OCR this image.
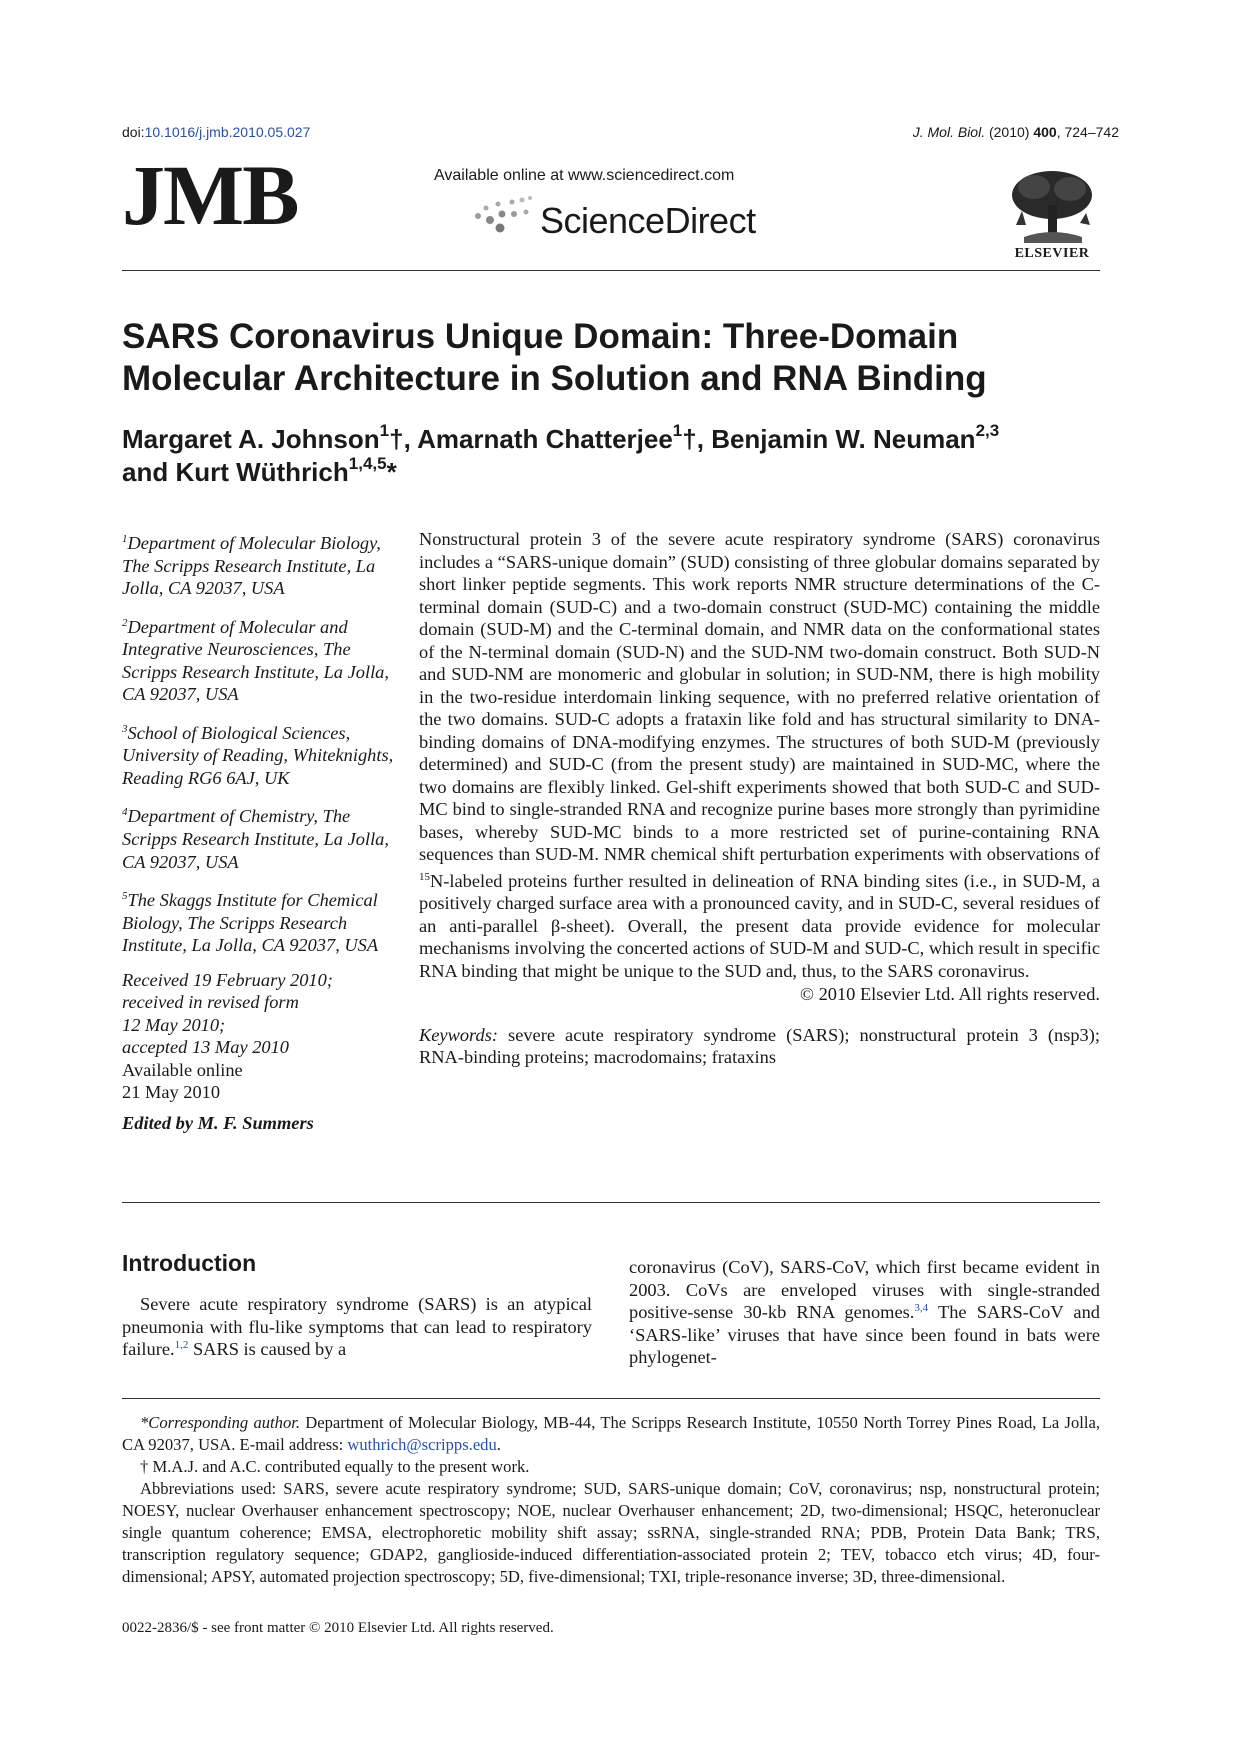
doi:10.1016/j.jmb.2010.05.027	J. Mol. Biol. (2010) 400, 724–742
JMB	Available online at www.sciencedirect.com
ScienceDirect
ELSEVIER
SARS Coronavirus Unique Domain: Three-Domain Molecular Architecture in Solution and RNA Binding
Margaret A. Johnson$^1$†, Amarnath Chatterjee$^1$†, Benjamin W. Neuman$^{2,3}$
and Kurt Wüthrich$^{1,4,5}$*
$^1$Department of Molecular Biology, The Scripps Research Institute, La Jolla, CA 92037, USA
$^2$Department of Molecular and Integrative Neurosciences, The Scripps Research Institute, La Jolla, CA 92037, USA
$^3$School of Biological Sciences, University of Reading, Whiteknights, Reading RG6 6AJ, UK
$^4$Department of Chemistry, The Scripps Research Institute, La Jolla, CA 92037, USA
$^5$The Skaggs Institute for Chemical Biology, The Scripps Research Institute, La Jolla, CA 92037, USA
Received 19 February 2010;
received in revised form
12 May 2010;
accepted 13 May 2010
Available online
21 May 2010
Edited by M. F. Summers
Nonstructural protein 3 of the severe acute respiratory syndrome (SARS) coronavirus includes a “SARS-unique domain” (SUD) consisting of three globular domains separated by short linker peptide segments. This work reports NMR structure determinations of the C-terminal domain (SUD-C) and a two-domain construct (SUD-MC) containing the middle domain (SUD-M) and the C-terminal domain, and NMR data on the conformational states of the N-terminal domain (SUD-N) and the SUD-NM two-domain construct. Both SUD-N and SUD-NM are monomeric and globular in solution; in SUD-NM, there is high mobility in the two-residue interdomain linking sequence, with no preferred relative orientation of the two domains. SUD-C adopts a frataxin like fold and has structural similarity to DNA-binding domains of DNA-modifying enzymes. The structures of both SUD-M (previously determined) and SUD-C (from the present study) are maintained in SUD-MC, where the two domains are flexibly linked. Gel-shift experiments showed that both SUD-C and SUD-MC bind to single-stranded RNA and recognize purine bases more strongly than pyrimidine bases, whereby SUD-MC binds to a more restricted set of purine-containing RNA sequences than SUD-M. NMR chemical shift perturbation experiments with observations of $^{15}$N-labeled proteins further resulted in delineation of RNA binding sites (i.e., in SUD-M, a positively charged surface area with a pronounced cavity, and in SUD-C, several residues of an anti-parallel β-sheet). Overall, the present data provide evidence for molecular mechanisms involving the concerted actions of SUD-M and SUD-C, which result in specific RNA binding that might be unique to the SUD and, thus, to the SARS coronavirus.
© 2010 Elsevier Ltd. All rights reserved.
Keywords: severe acute respiratory syndrome (SARS); nonstructural protein 3 (nsp3); RNA-binding proteins; macrodomains; frataxins
Introduction
Severe acute respiratory syndrome (SARS) is an atypical pneumonia with flu-like symptoms that can lead to respiratory failure.$^{1,2}$ SARS is caused by a
coronavirus (CoV), SARS-CoV, which first became evident in 2003. CoVs are enveloped viruses with single-stranded positive-sense 30-kb RNA genomes.$^{3,4}$ The SARS-CoV and ‘SARS-like’ viruses that have since been found in bats were phylogenet-
*Corresponding author. Department of Molecular Biology, MB-44, The Scripps Research Institute, 10550 North Torrey Pines Road, La Jolla, CA 92037, USA. E-mail address: wuthrich@scripps.edu.
† M.A.J. and A.C. contributed equally to the present work.
Abbreviations used: SARS, severe acute respiratory syndrome; SUD, SARS-unique domain; CoV, coronavirus; nsp, nonstructural protein; NOESY, nuclear Overhauser enhancement spectroscopy; NOE, nuclear Overhauser enhancement; 2D, two-dimensional; HSQC, heteronuclear single quantum coherence; EMSA, electrophoretic mobility shift assay; ssRNA, single-stranded RNA; PDB, Protein Data Bank; TRS, transcription regulatory sequence; GDAP2, ganglioside-induced differentiation-associated protein 2; TEV, tobacco etch virus; 4D, four-dimensional; APSY, automated projection spectroscopy; 5D, five-dimensional; TXI, triple-resonance inverse; 3D, three-dimensional.
0022-2836/$ - see front matter © 2010 Elsevier Ltd. All rights reserved.
